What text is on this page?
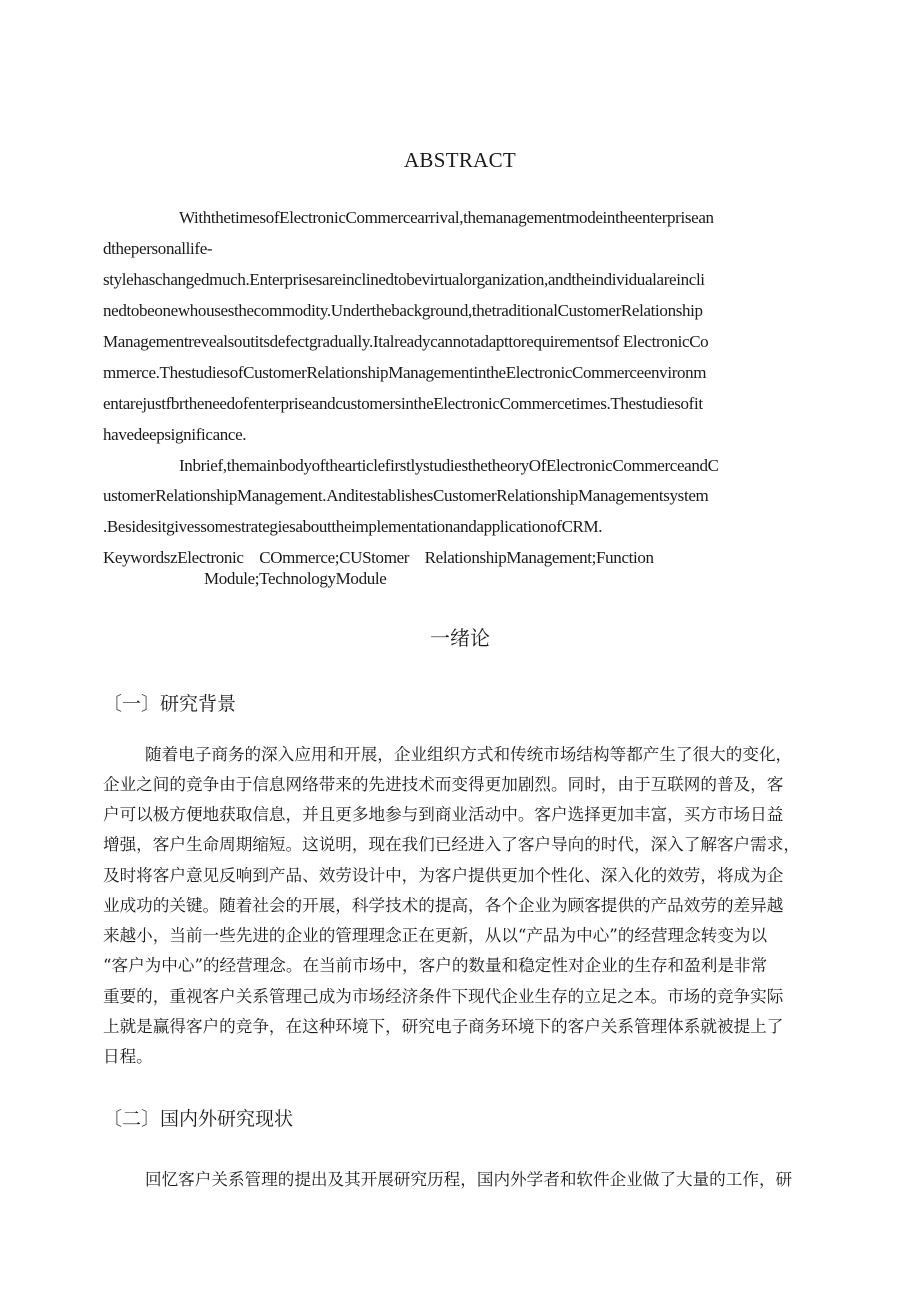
ABSTRACT
WiththetimesofElectronicCommercearrival,themanagementmodeintheenterprisean
dthepersonallife-
stylehaschangedmuch.Enterprisesareinclinedtobevirtualorganization,andtheindividualareincli
nedtobeonewhousesthecommodity.Underthebackground,thetraditionalCustomerRelationship
Managementrevealsoutitsdefectgradually.Italreadycannotadapttorequirementsof ElectronicCo
mmerce.ThestudiesofCustomerRelationshipManagementintheElectronicCommerceenvironm
entarejustfbrtheneedofenterpriseandcustomersintheElectronicCommercetimes.Thestudiesofit
havedeepsignificance.
Inbrief,themainbodyofthearticlefirstlystudiesthetheoryOfElectronicCommerceandC
ustomerRelationshipManagement.AnditestablishesCustomerRelationshipManagementsystem
.BesidesitgivessomestrategiesabouttheimplementationandapplicationofCRM.
KeywordszElectronic    COmmerce;CUStomer    RelationshipManagement;Function
Module;TechnologyModule
一绪论
〔一〕研究背景
随着电子商务的深入应用和开展，企业组织方式和传统市场结构等都产生了很大的变化，
企业之间的竞争由于信息网络带来的先进技术而变得更加剧烈。同时，由于互联网的普及，客
户可以极方便地获取信息，并且更多地参与到商业活动中。客户选择更加丰富，买方市场日益
增强，客户生命周期缩短。这说明，现在我们已经进入了客户导向的时代，深入了解客户需求，
及时将客户意见反响到产品、效劳设计中，为客户提供更加个性化、深入化的效劳，将成为企
业成功的关键。随着社会的开展，科学技术的提高，各个企业为顾客提供的产品效劳的差异越
来越小，当前一些先进的企业的管理理念正在更新，从以“产品为中心”的经营理念转变为以
“客户为中心”的经营理念。在当前市场中，客户的数量和稳定性对企业的生存和盈利是非常
重要的，重视客户关系管理己成为市场经济条件下现代企业生存的立足之本。市场的竞争实际
上就是赢得客户的竞争，在这种环境下，研究电子商务环境下的客户关系管理体系就被提上了
日程。
〔二〕国内外研究现状
回忆客户关系管理的提出及其开展研究历程，国内外学者和软件企业做了大量的工作，研
